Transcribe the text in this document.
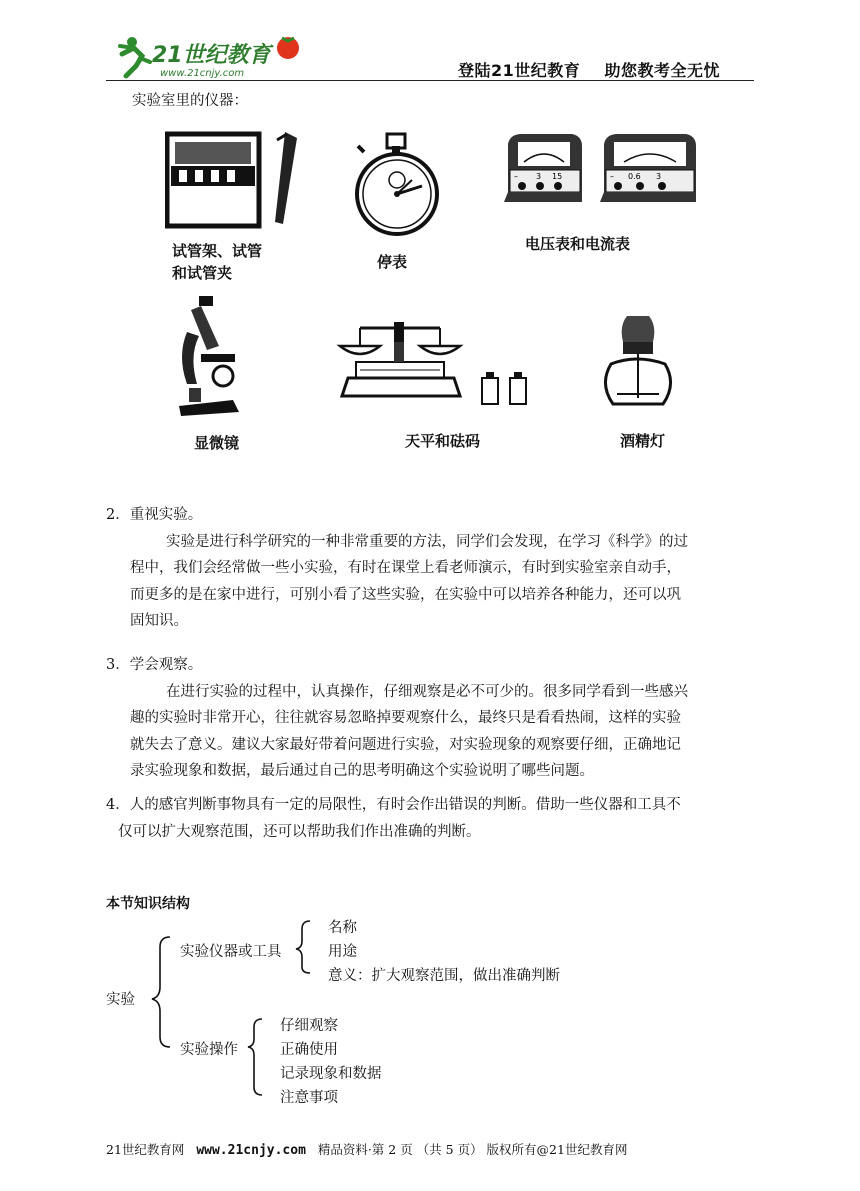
21世纪教育
www.21cnjy.com	登陆21世纪教育    助您教考全无忧
实验室里的仪器：
试管架、试管
和试管夹
停表
– 3 15	– 0.6 3
电压表和电流表
显微镜	天平和砝码	酒精灯

2．重视实验。

实验是进行科学研究的一种非常重要的方法，同学们会发现，在学习《科学》的过

程中，我们会经常做一些小实验，有时在课堂上看老师演示，有时到实验室亲自动手，

而更多的是在家中进行，可别小看了这些实验，在实验中可以培养各种能力，还可以巩

固知识。

3．学会观察。

在进行实验的过程中，认真操作，仔细观察是必不可少的。很多同学看到一些感兴

趣的实验时非常开心，往往就容易忽略掉要观察什么，最终只是看看热闹，这样的实验

就失去了意义。建议大家最好带着问题进行实验，对实验现象的观察要仔细，正确地记

录实验现象和数据，最后通过自己的思考明确这个实验说明了哪些问题。

4．人的感官判断事物具有一定的局限性，有时会作出错误的判断。借助一些仪器和工具不

仅可以扩大观察范围，还可以帮助我们作出准确的判断。

本节知识结构
实验
实验仪器或工具
名称
用途
意义：扩大观察范围，做出准确判断
实验操作
仔细观察
正确使用
记录现象和数据
注意事项
21世纪教育网 www.21cnjy.com 精品资料·第 2 页 （共 5 页） 版权所有@21世纪教育网
